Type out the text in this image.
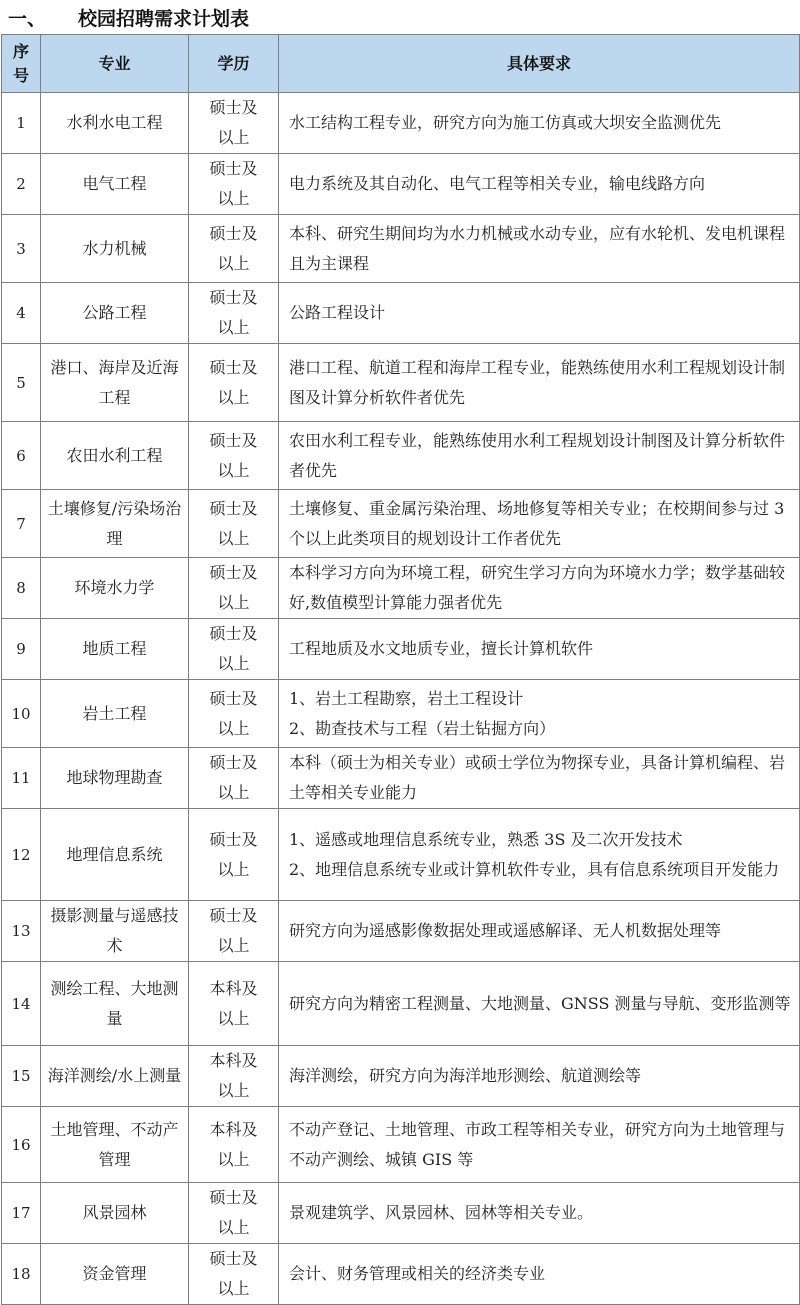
一、	校园招聘需求计划表
序号	专业	学历	具体要求
1	水利水电工程	硕士及以上	水工结构工程专业，研究方向为施工仿真或大坝安全监测优先
2	电气工程	硕士及以上	电力系统及其自动化、电气工程等相关专业，输电线路方向
3	水力机械	硕士及以上	本科、研究生期间均为水力机械或水动专业，应有水轮机、发电机课程且为主课程
4	公路工程	硕士及以上	公路工程设计
5	港口、海岸及近海工程	硕士及以上	港口工程、航道工程和海岸工程专业，能熟练使用水利工程规划设计制图及计算分析软件者优先
6	农田水利工程	硕士及以上	农田水利工程专业，能熟练使用水利工程规划设计制图及计算分析软件者优先
7	土壤修复/污染场治理	硕士及以上	土壤修复、重金属污染治理、场地修复等相关专业；在校期间参与过 3 个以上此类项目的规划设计工作者优先
8	环境水力学	硕士及以上	本科学习方向为环境工程，研究生学习方向为环境水力学；数学基础较好,数值模型计算能力强者优先
9	地质工程	硕士及以上	工程地质及水文地质专业，擅长计算机软件
10	岩土工程	硕士及以上	1、岩土工程勘察，岩土工程设计
2、勘查技术与工程（岩土钻掘方向）

11	地球物理勘查	硕士及以上	本科（硕士为相关专业）或硕士学位为物探专业，具备计算机编程、岩土等相关专业能力
12	地理信息系统	硕士及以上	1、遥感或地理信息系统专业，熟悉 3S 及二次开发技术
2、地理信息系统专业或计算机软件专业，具有信息系统项目开发能力

13	摄影测量与遥感技术	硕士及以上	研究方向为遥感影像数据处理或遥感解译、无人机数据处理等
14	测绘工程、大地测量	本科及以上	研究方向为精密工程测量、大地测量、GNSS 测量与导航、变形监测等
15	海洋测绘/水上测量	本科及以上	海洋测绘，研究方向为海洋地形测绘、航道测绘等
16	土地管理、不动产管理	本科及以上	不动产登记、土地管理、市政工程等相关专业，研究方向为土地管理与不动产测绘、城镇 GIS 等
17	风景园林	硕士及以上	景观建筑学、风景园林、园林等相关专业。
18	资金管理	硕士及以上	会计、财务管理或相关的经济类专业
